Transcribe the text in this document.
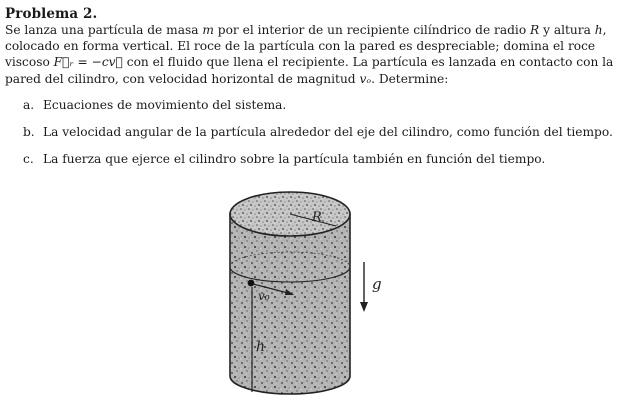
Problema 2.
Se lanza una partícula de masa m por el interior de un recipiente cilíndrico de radio R y altura h, colocado en forma vertical. El roce de la partícula con la pared es despreciable; domina el roce viscoso F⃗ᵣ = −cv⃗ con el fluido que llena el recipiente. La partícula es lanzada en contacto con la pared del cilindro, con velocidad horizontal de magnitud vₒ. Determine:
a. Ecuaciones de movimiento del sistema.
b. La velocidad angular de la partícula alrededor del eje del cilindro, como función del tiempo.
c. La fuerza que ejerce el cilindro sobre la partícula también en función del tiempo.
R
v₀
h
g
